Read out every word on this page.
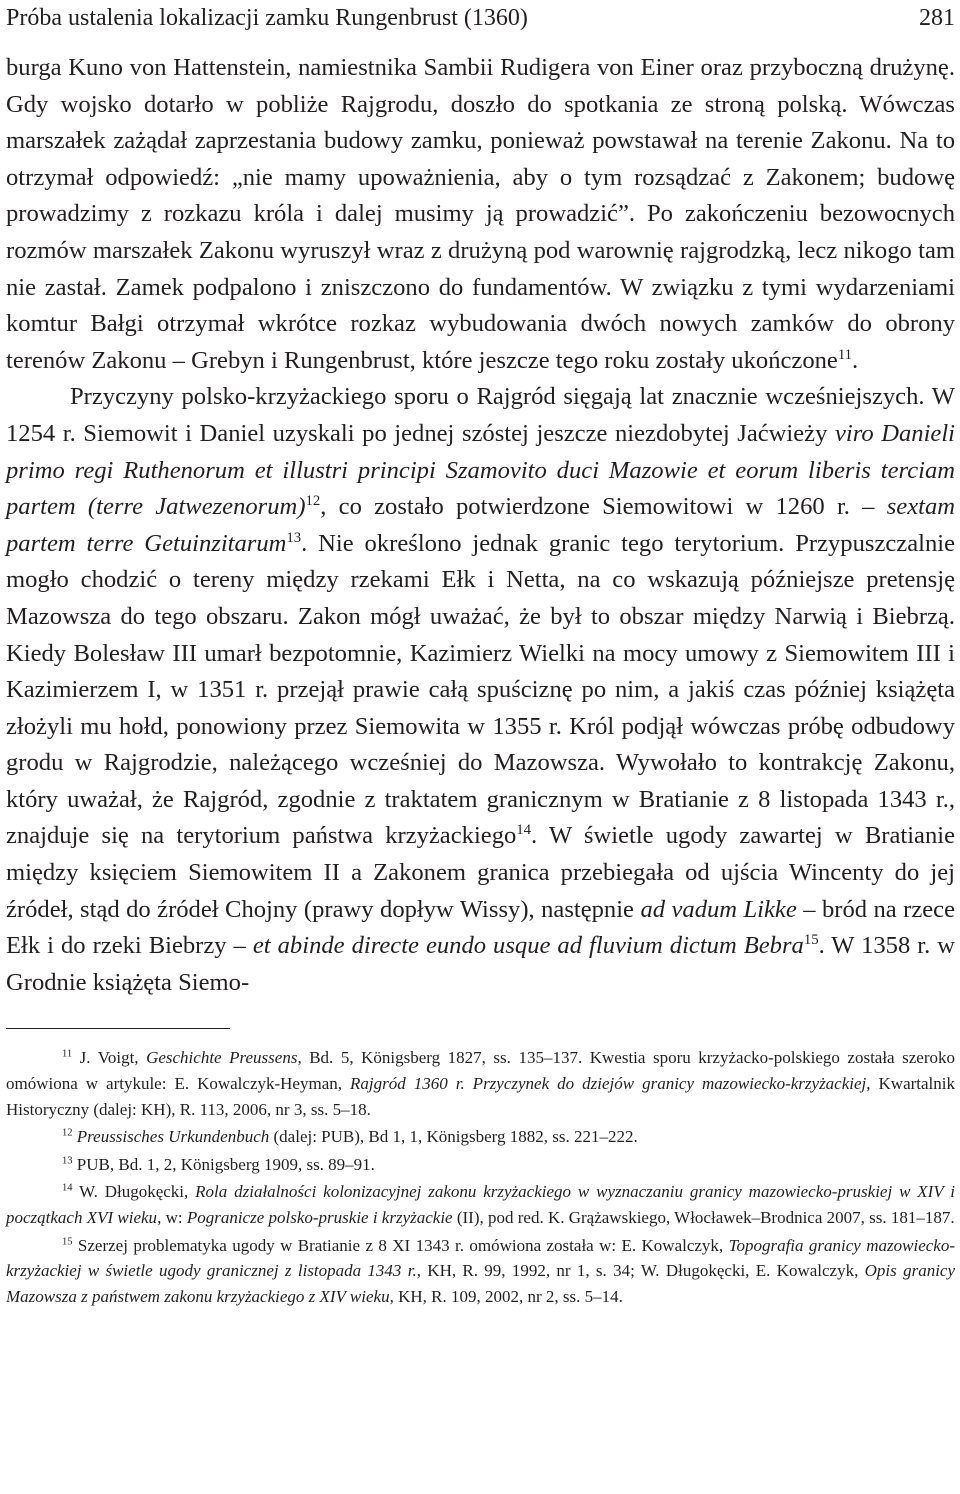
Próba ustalenia lokalizacji zamku Rungenbrust (1360)	281

burga Kuno von Hattenstein, namiestnika Sambii Rudigera von Einer oraz przyboczną drużynę. Gdy wojsko dotarło w pobliże Rajgrodu, doszło do spotkania ze stroną polską. Wówczas marszałek zażądał zaprzestania budowy zamku, ponieważ powstawał na terenie Zakonu. Na to otrzymał odpowiedź: „nie mamy upoważnienia, aby o tym rozsądzać z Zakonem; budowę prowadzimy z rozkazu króla i dalej musimy ją prowadzić”. Po zakończeniu bezowocnych rozmów marszałek Zakonu wyruszył wraz z drużyną pod warownię rajgrodzką, lecz nikogo tam nie zastał. Zamek podpalono i zniszczono do fundamentów. W związku z tymi wydarzeniami komtur Bałgi otrzymał wkrótce rozkaz wybudowania dwóch nowych zamków do obrony terenów Zakonu – Grebyn i Rungenbrust, które jeszcze tego roku zostały ukończone$^{11}$.

Przyczyny polsko-krzyżackiego sporu o Rajgród sięgają lat znacznie wcześniejszych. W 1254 r. Siemowit i Daniel uzyskali po jednej szóstej jeszcze niezdobytej Jaćwieży viro Danieli primo regi Ruthenorum et illustri principi Szamovito duci Mazowie et eorum liberis terciam partem (terre Jatwezenorum)$^{12}$, co zostało potwierdzone Siemowitowi w 1260 r. – sextam partem terre Getuinzitarum$^{13}$. Nie określono jednak granic tego terytorium. Przypuszczalnie mogło chodzić o tereny między rzekami Ełk i Netta, na co wskazują późniejsze pretensję Mazowsza do tego obszaru. Zakon mógł uważać, że był to obszar między Narwią i Biebrzą. Kiedy Bolesław III umarł bezpotomnie, Kazimierz Wielki na mocy umowy z Siemowitem III i Kazimierzem I, w 1351 r. przejął prawie całą spuściznę po nim, a jakiś czas później książęta złożyli mu hołd, ponowiony przez Siemowita w 1355 r. Król podjął wówczas próbę odbudowy grodu w Rajgrodzie, należącego wcześniej do Mazowsza. Wywołało to kontrakcję Zakonu, który uważał, że Rajgród, zgodnie z traktatem granicznym w Bratianie z 8 listopada 1343 r., znajduje się na terytorium państwa krzyżackiego$^{14}$. W świetle ugody zawartej w Bratianie między księciem Siemowitem II a Zakonem granica przebiegała od ujścia Wincenty do jej źródeł, stąd do źródeł Chojny (prawy dopływ Wissy), następnie ad vadum Likke – bród na rzece Ełk i do rzeki Biebrzy – et abinde directe eundo usque ad fluvium dictum Bebra$^{15}$. W 1358 r. w Grodnie książęta Siemo-

$^{11}$ J. Voigt, Geschichte Preussens, Bd. 5, Königsberg 1827, ss. 135–137. Kwestia sporu krzyżacko-polskiego została szeroko omówiona w artykule: E. Kowalczyk-Heyman, Rajgród 1360 r. Przyczynek do dziejów granicy mazowiecko-krzyżackiej, Kwartalnik Historyczny (dalej: KH), R. 113, 2006, nr 3, ss. 5–18.

$^{12}$ Preussisches Urkundenbuch (dalej: PUB), Bd 1, 1, Königsberg 1882, ss. 221–222.

$^{13}$ PUB, Bd. 1, 2, Königsberg 1909, ss. 89–91.

$^{14}$ W. Długokęcki, Rola działalności kolonizacyjnej zakonu krzyżackiego w wyznaczaniu granicy mazowiecko-pruskiej w XIV i początkach XVI wieku, w: Pogranicze polsko-pruskie i krzyżackie (II), pod red. K. Grążawskiego, Włocławek–Brodnica 2007, ss. 181–187.

$^{15}$ Szerzej problematyka ugody w Bratianie z 8 XI 1343 r. omówiona została w: E. Kowalczyk, Topografia granicy mazowiecko-krzyżackiej w świetle ugody granicznej z listopada 1343 r., KH, R. 99, 1992, nr 1, s. 34; W. Długokęcki, E. Kowalczyk, Opis granicy Mazowsza z państwem zakonu krzyżackiego z XIV wieku, KH, R. 109, 2002, nr 2, ss. 5–14.
